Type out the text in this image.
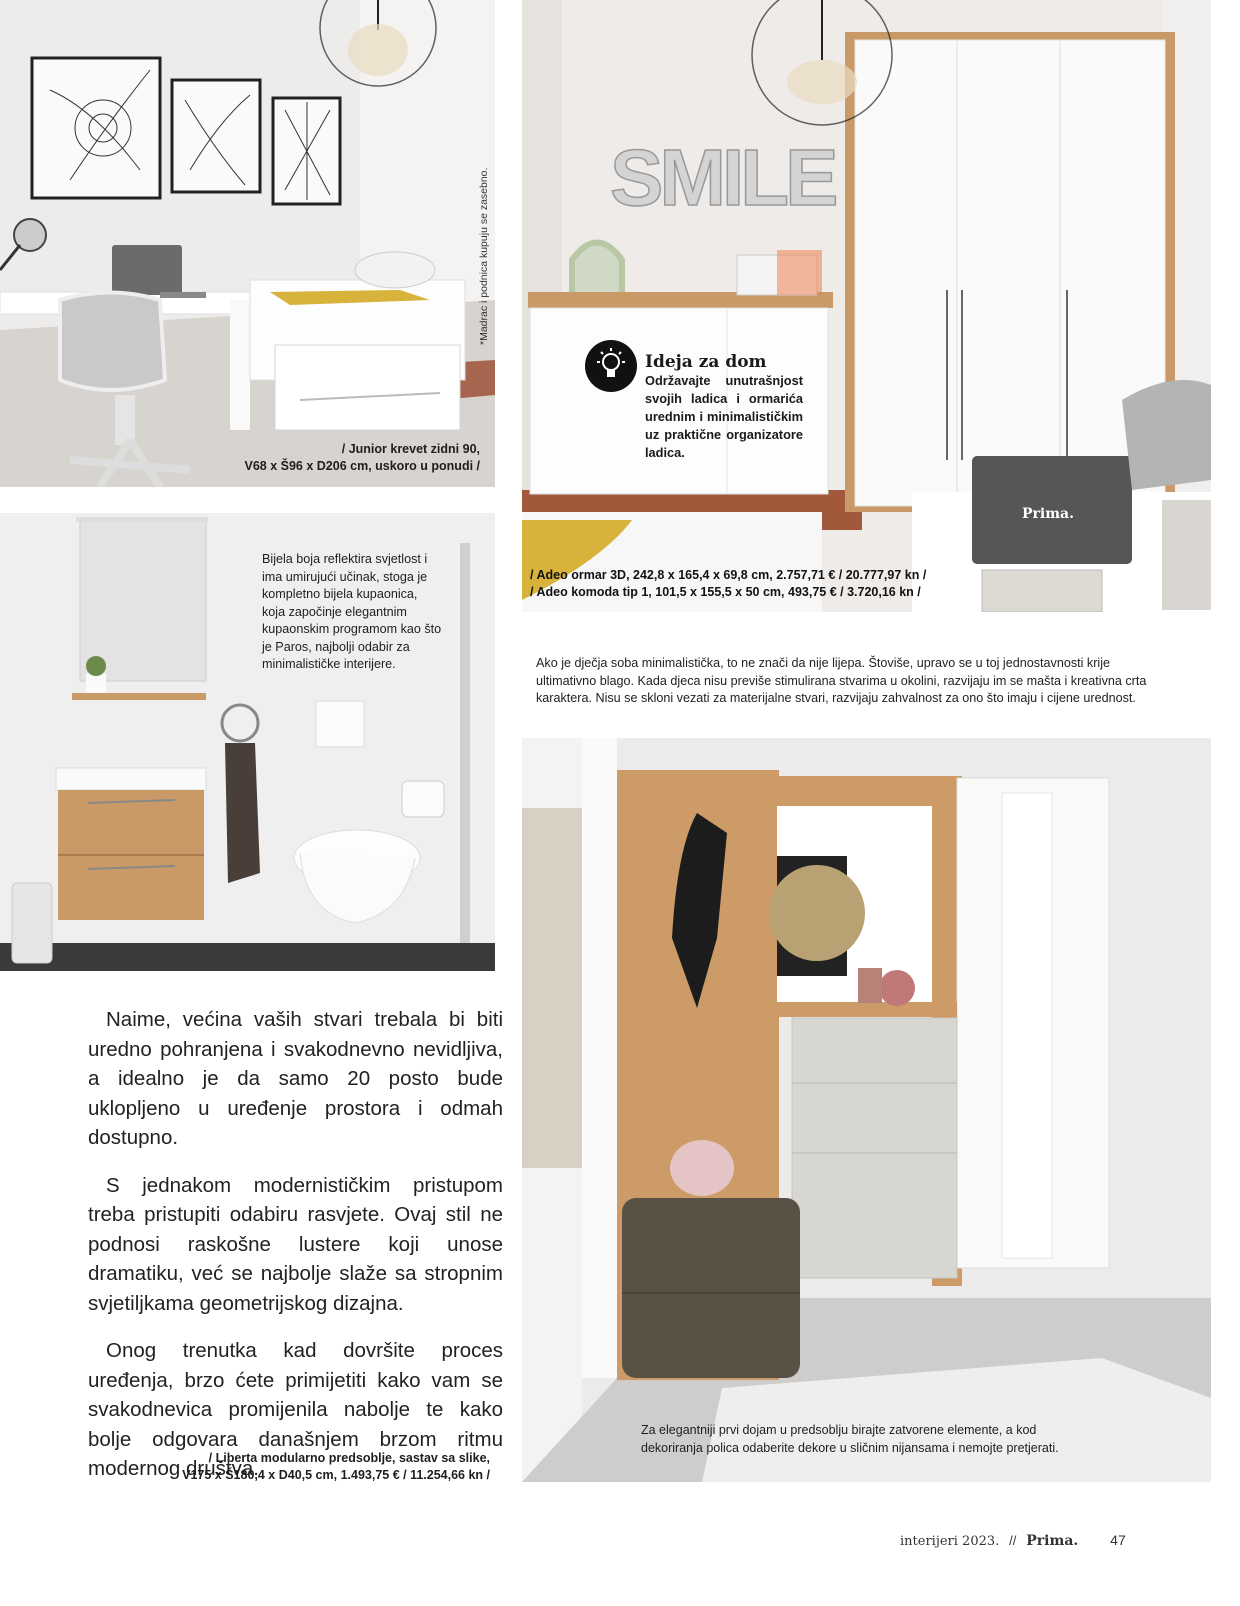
*Madrac i podnica kupuju se zasebno.
/ Junior krevet zidni 90,
V68 x Š96 x D206 cm, uskoro u ponudi /
SMILE
Prima.
Ideja za dom
Održavajte unutrašnjost svojih ladica i ormarića urednim i minimalističkim uz praktične organizatore ladica.
/ Adeo ormar 3D, 242,8 x 165,4 x 69,8 cm, 2.757,71 € / 20.777,97 kn /
/ Adeo komoda tip 1, 101,5 x 155,5 x 50 cm, 493,75 € / 3.720,16 kn /
Bijela boja reflektira svjetlost i ima umirujući učinak, stoga je kompletno bijela kupaonica, koja započinje elegantnim kupaonskim programom kao što je Paros, najbolji odabir za minimalističke interijere.	Ako je dječja soba minimalistička, to ne znači da nije lijepa. Štoviše, upravo se u toj jednostavnosti krije ultimativno blago. Kada djeca nisu previše stimulirana stvarima u okolini, razvijaju im se mašta i kreativna crta karaktera. Nisu se skloni vezati za materijalne stvari, razvijaju zahvalnost za ono što imaju i cijene urednost.
Za elegantniji prvi dojam u predsoblju birajte zatvorene elemente, a kod dekoriranja polica odaberite dekore u sličnim nijansama i nemojte pretjerati.

Naime, većina vaših stvari trebala bi biti uredno pohranjena i svakodnevno nevidljiva, a idealno je da samo 20 posto bude uklopljeno u uređenje prostora i odmah dostupno.

S jednakom modernističkim pristupom treba pristupiti odabiru rasvjete. Ovaj stil ne podnosi raskošne lustere koji unose dramatiku, već se najbolje slaže sa stropnim svjetiljkama geometrijskog dizajna.

Onog trenutka kad dovršite proces uređenja, brzo ćete primijetiti kako vam se svakodnevica promijenila nabolje te kako bolje odgovara današnjem brzom ritmu modernog društva.

/ Liberta modularno predsoblje, sastav sa slike,
V175 x Š180,4 x D40,5 cm, 1.493,75 € / 11.254,66 kn /
interijeri 2023. // Prima. 47
